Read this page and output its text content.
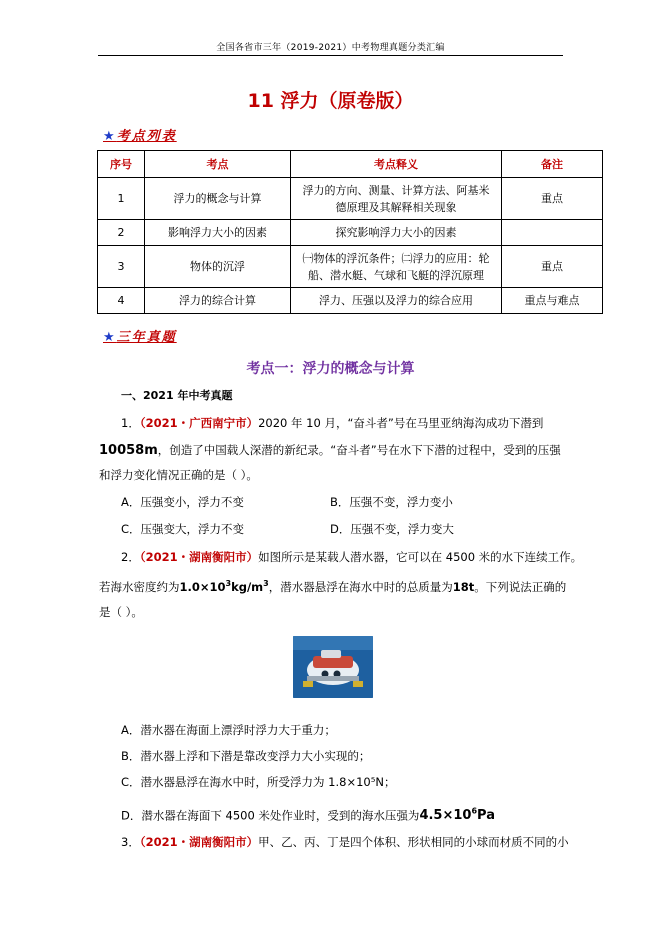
全国各省市三年（2019-2021）中考物理真题分类汇编
11 浮力（原卷版）
★考点列表
序号	考点	考点释义	备注
1	浮力的概念与计算	浮力的方向、测量、计算方法、阿基米
德原理及其解释相关现象	重点
2	影响浮力大小的因素	探究影响浮力大小的因素	
3	物体的沉浮	㈠物体的浮沉条件；㈡浮力的应用：轮
船、潜水艇、气球和飞艇的浮沉原理	重点
4	浮力的综合计算	浮力、压强以及浮力的综合应用	重点与难点
★三年真题
考点一：浮力的概念与计算
一、2021 年中考真题
1．（2021・广西南宁市）2020 年 10 月，“奋斗者”号在马里亚纳海沟成功下潜到
10058m，创造了中国载人深潜的新纪录。“奋斗者”号在水下下潜的过程中，受到的压强
和浮力变化情况正确的是（ ）。
A．压强变小，浮力不变	B．压强不变，浮力变小
C．压强变大，浮力不变	D．压强不变，浮力变大
2．（2021・湖南衡阳市）如图所示是某载人潜水器，它可以在 4500 米的水下连续工作。
若海水密度约为$1.0\times 10^3kg/m^3$，潜水器悬浮在海水中时的总质量为18t。下列说法正确的
是（ ）。
A．潜水器在海面上漂浮时浮力大于重力；
B．潜水器上浮和下潜是靠改变浮力大小实现的；
C．潜水器悬浮在海水中时，所受浮力为 1.8×10⁵N；
D．潜水器在海面下 4500 米处作业时，受到的海水压强为$4.5\times 10^6Pa$
3．（2021・湖南衡阳市）甲、乙、丙、丁是四个体积、形状相同的小球而材质不同的小
